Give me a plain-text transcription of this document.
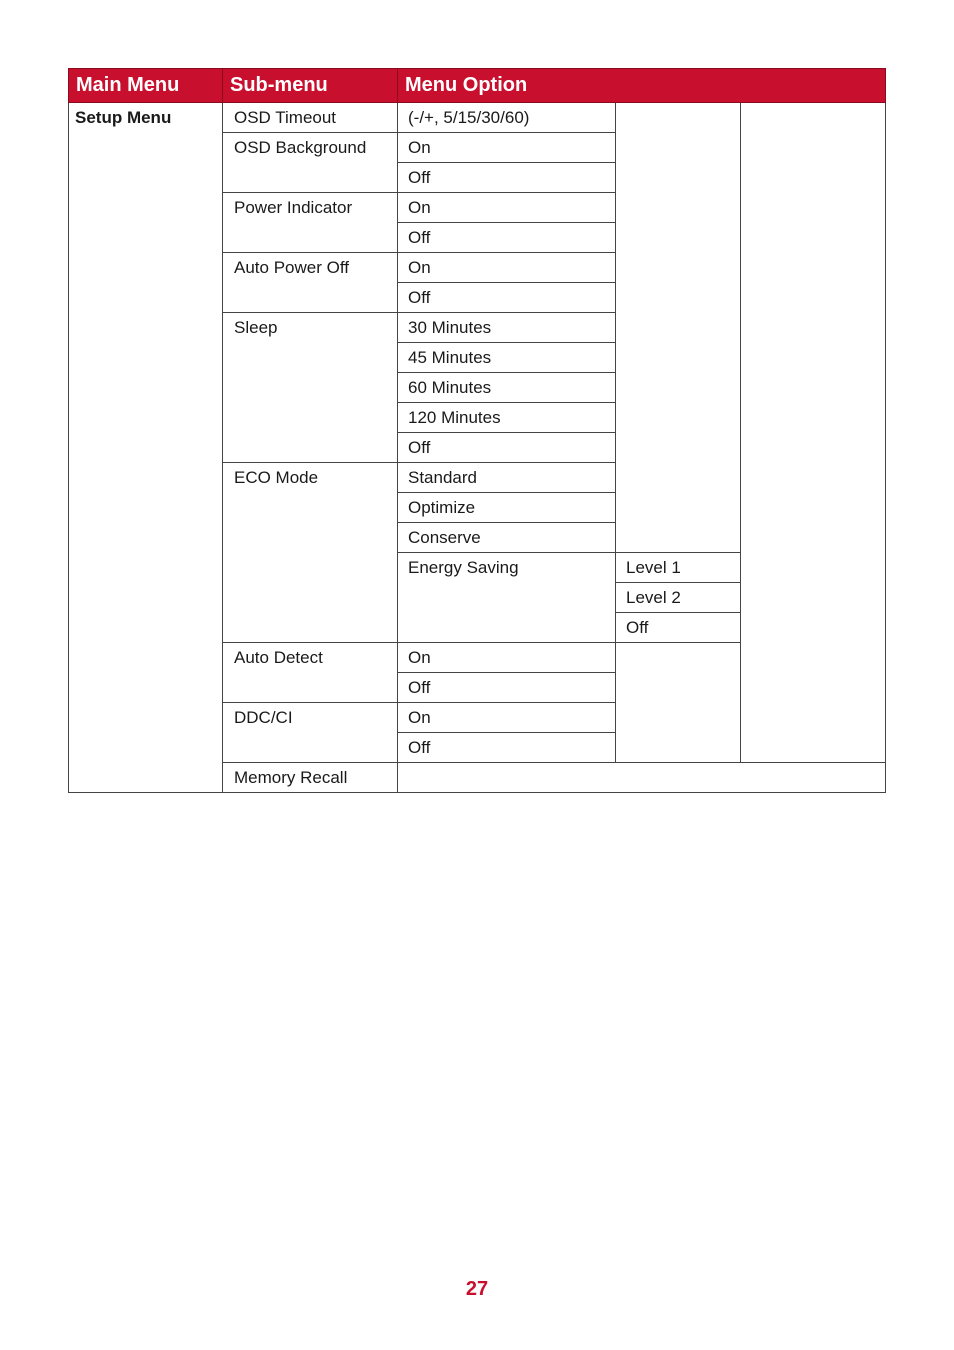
Main Menu	Sub-menu	Menu Option		
Setup Menu	OSD Timeout	(-/+, 5/15/30/60)		
	OSD Background	On		
		Off		
	Power Indicator	On		
		Off		
	Auto Power Off	On		
		Off		
	Sleep	30 Minutes		
		45 Minutes		
		60 Minutes		
		120 Minutes		
		Off		
	ECO Mode	Standard		
		Optimize		
		Conserve		
		Energy Saving	Level 1	
			Level 2	
			Off	
	Auto Detect	On		
		Off		
	DDC/CI	On		
		Off		
	Memory Recall			
27
